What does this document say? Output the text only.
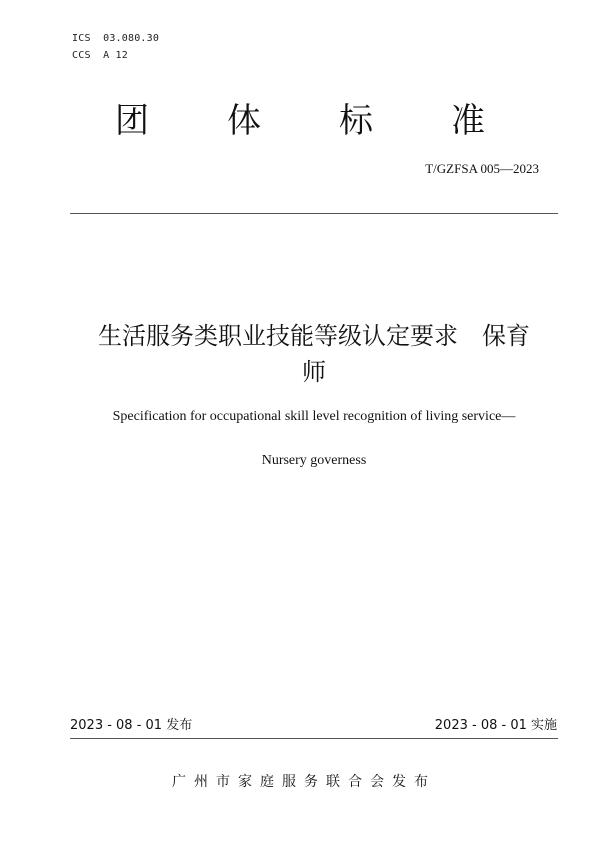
ICS  03.080.30
CCS  A 12
团 体 标 准
T/GZFSA 005—2023
生活服务类职业技能等级认定要求　保育
师
Specification for occupational skill level recognition of living service—
Nursery governess
2023 - 08 - 01 发布	2023 - 08 - 01 实施
广州市家庭服务联合会发布
